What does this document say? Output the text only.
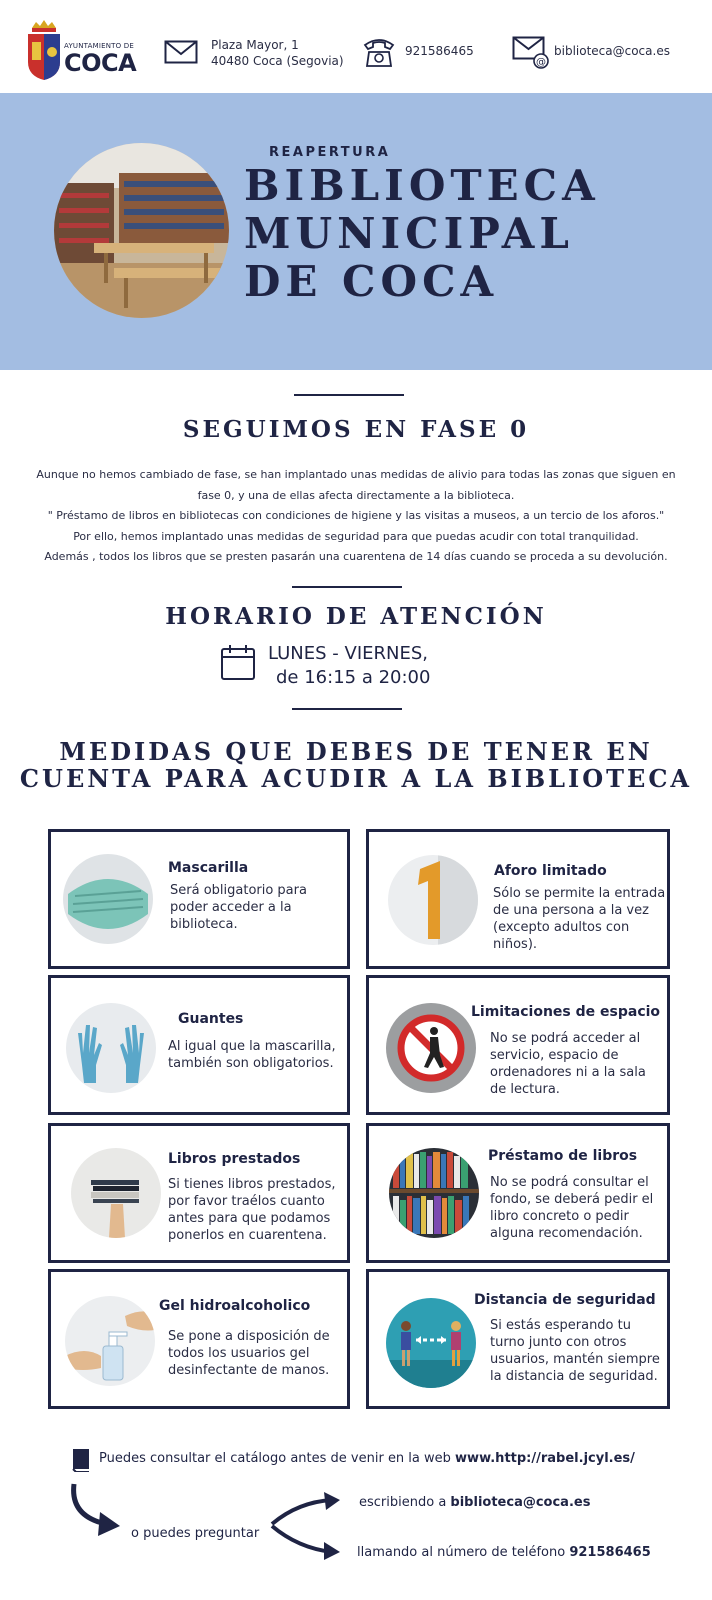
AYUNTAMIENTO DE
COCA
Plaza Mayor, 1
40480 Coca (Segovia)
921586465
@
biblioteca@coca.es
REAPERTURA
BIBLIOTECA
MUNICIPAL
DE COCA
SEGUIMOS EN FASE 0
Aunque no hemos cambiado de fase, se han implantado unas medidas de alivio para todas las zonas que siguen en
fase 0, y una de ellas afecta directamente a la biblioteca.
" Préstamo de libros en bibliotecas con condiciones de higiene y las visitas a museos, a un tercio de los aforos."
Por ello, hemos implantado unas medidas de seguridad para que puedas acudir con total tranquilidad.
Además , todos los libros que se presten pasarán una cuarentena de 14 días cuando se proceda a su devolución.
HORARIO DE ATENCIÓN
LUNES - VIERNES,
de 16:15 a 20:00
MEDIDAS QUE DEBES DE TENER EN
CUENTA PARA ACUDIR A LA BIBLIOTECA
Mascarilla
Será obligatorio para
poder acceder a la
biblioteca.
Aforo limitado
Sólo se permite la entrada
de una persona a la vez
(excepto adultos con
niños).
Guantes
Al igual que la mascarilla,
también son obligatorios.
Limitaciones de espacio
No se podrá acceder al
servicio, espacio de
ordenadores ni a la sala
de lectura.
Libros prestados
Si tienes libros prestados,
por favor traélos cuanto
antes para que podamos
ponerlos en cuarentena.
Préstamo de libros
No se podrá consultar el
fondo, se deberá pedir el
libro concreto o pedir
alguna recomendación.
Gel hidroalcoholico
Se pone a disposición de
todos los usuarios gel
desinfectante de manos.
Distancia de seguridad
Si estás esperando tu
turno junto con otros
usuarios, mantén siempre
la distancia de seguridad.
Puedes consultar el catálogo antes de venir en la web www.http://rabel.jcyl.es/
o puedes preguntar
escribiendo a biblioteca@coca.es
llamando al número de teléfono 921586465
